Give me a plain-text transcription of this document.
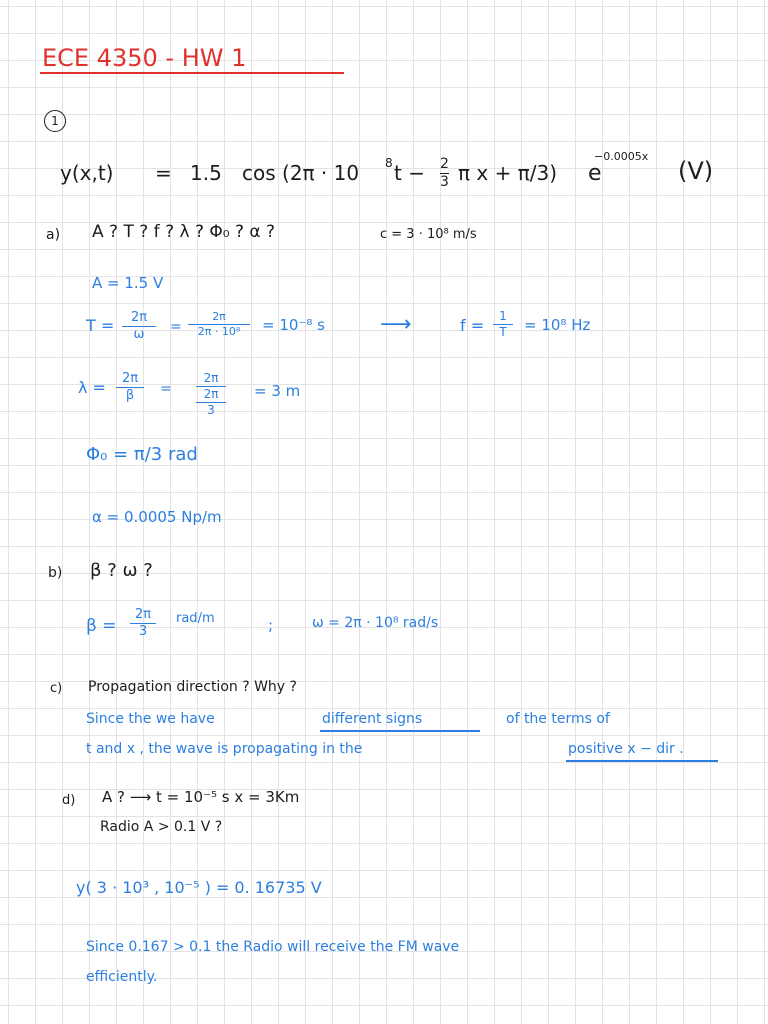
ECE 4350 - HW 1
1
y(x,t) = 1.5 cos (2π · 10 8 t − 2
3 π x + π/3) e
−0.0005x
(V)
a) A ? T ? f ? λ ? Φ₀ ? α ?	c = 3 · 10⁸ m/s
A = 1.5 V
T = 2π
ω =
2π
2π · 10⁸ = 10⁻⁸ s	⟶	f = 1
T = 10⁸ Hz
λ = 2π
β =
2π
2π
3
= 3 m
Φ₀ = π/3 rad
α = 0.0005 Np/m
b) β ? ω ?
β =
2π
3
rad/m	;	ω = 2π · 10⁸ rad/s
c) Propagation direction ? Why ?
Since the we have	different signs	of the terms of
t and x , the wave is propagating in the	positive x − dir .
d) A ? ⟶ t = 10⁻⁵ s x = 3Km
Radio A > 0.1 V ?
y( 3 · 10³ , 10⁻⁵ ) = 0. 16735 V
Since 0.167 > 0.1 the Radio will receive the FM wave
efficiently.
